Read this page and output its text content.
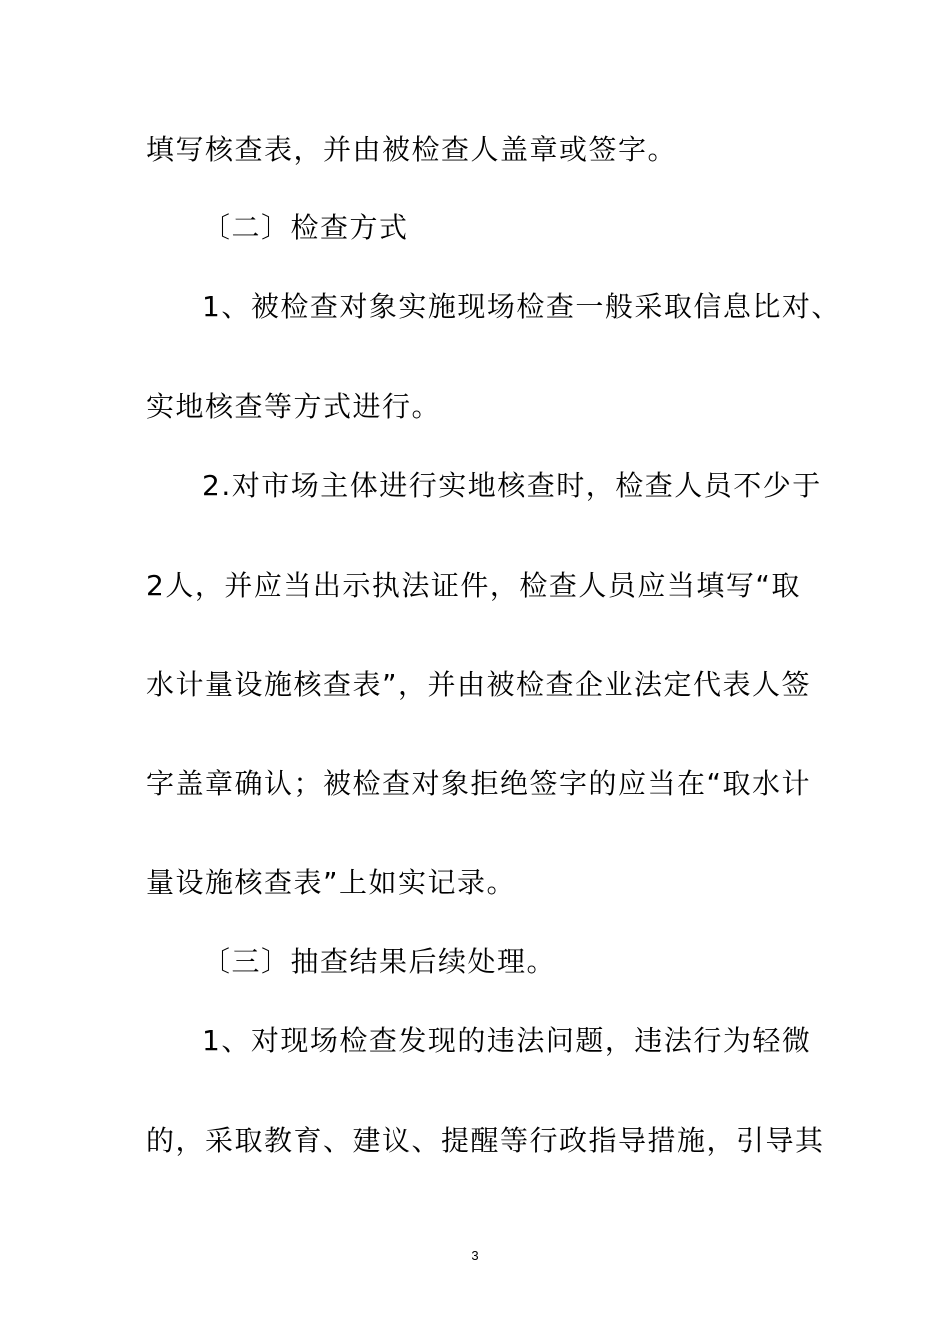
填写核查表，并由被检查人盖章或签字。
〔二〕检查方式
1、被检查对象实施现场检查一般采取信息比对、
实地核查等方式进行。
2.对市场主体进行实地核查时，检查人员不少于
2人，并应当出示执法证件，检查人员应当填写“取
水计量设施核查表”，并由被检查企业法定代表人签
字盖章确认；被检查对象拒绝签字的应当在“取水计
量设施核查表”上如实记录。
〔三〕抽查结果后续处理。
1、对现场检查发现的违法问题，违法行为轻微
的，采取教育、建议、提醒等行政指导措施，引导其
3
